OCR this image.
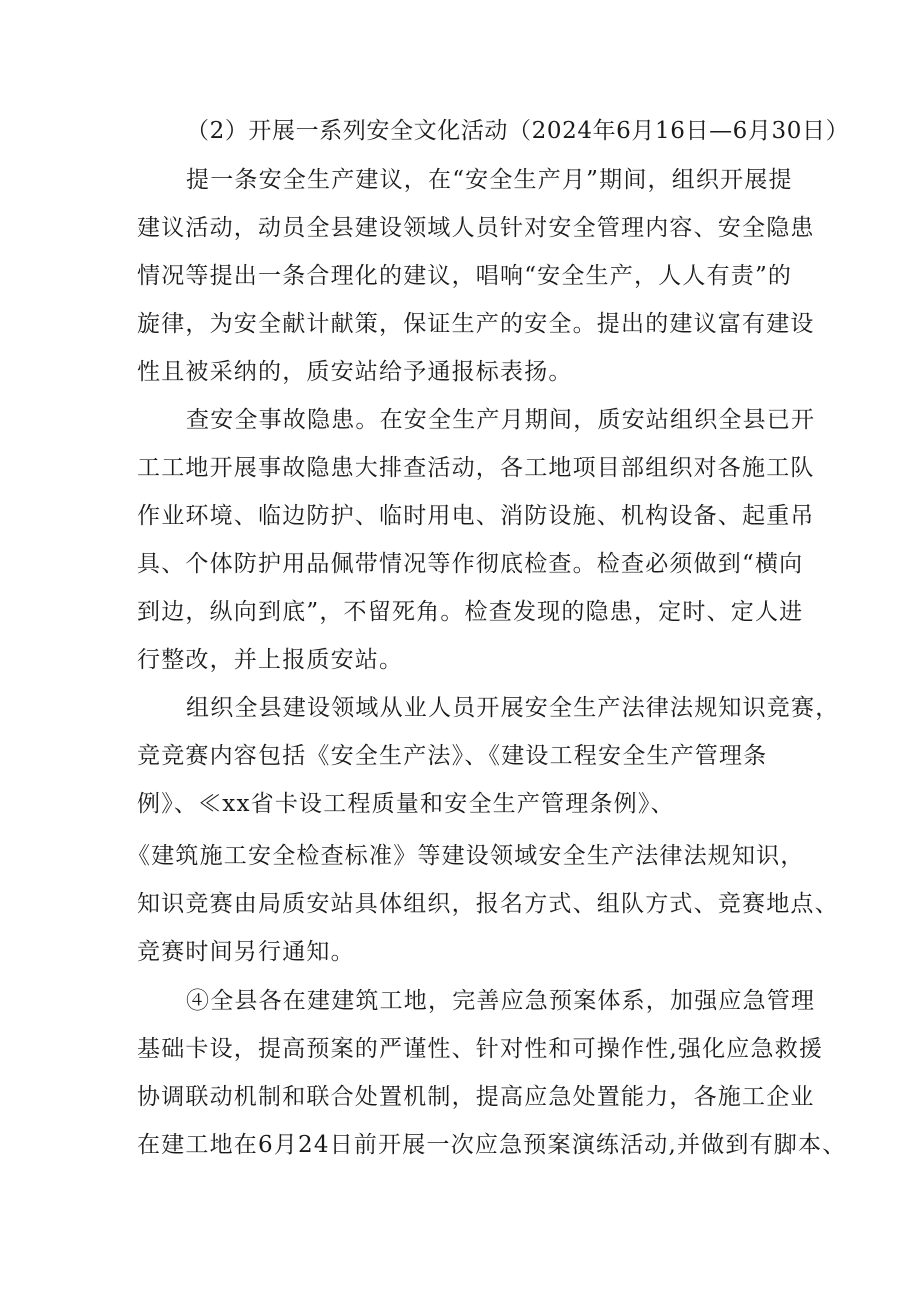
（2）开展一系列安全文化活动（2024年6月16日—6月30日）
提一条安全生产建议，在“安全生产月”期间，组织开展提
建议活动，动员全县建设领域人员针对安全管理内容、安全隐患
情况等提出一条合理化的建议，唱响“安全生产，人人有责”的
旋律，为安全献计献策，保证生产的安全。提出的建议富有建设
性且被采纳的，质安站给予通报标表扬。
查安全事故隐患。在安全生产月期间，质安站组织全县已开
工工地开展事故隐患大排查活动，各工地项目部组织对各施工队
作业环境、临边防护、临时用电、消防设施、机构设备、起重吊
具、个体防护用品佩带情况等作彻底检查。检查必须做到“横向
到边，纵向到底”，不留死角。检查发现的隐患，定时、定人进
行整改，并上报质安站。
组织全县建设领域从业人员开展安全生产法律法规知识竞赛，
竞竞赛内容包括《安全生产法》、《建设工程安全生产管理条
例》、≪xx省卡设工程质量和安全生产管理条例》、
《建筑施工安全检查标准》等建设领域安全生产法律法规知识，
知识竞赛由局质安站具体组织，报名方式、组队方式、竞赛地点、
竞赛时间另行通知。
④全县各在建建筑工地，完善应急预案体系，加强应急管理
基础卡设，提高预案的严谨性、针对性和可操作性,强化应急救援
协调联动机制和联合处置机制，提高应急处置能力，各施工企业
在建工地在6月24日前开展一次应急预案演练活动,并做到有脚本、
